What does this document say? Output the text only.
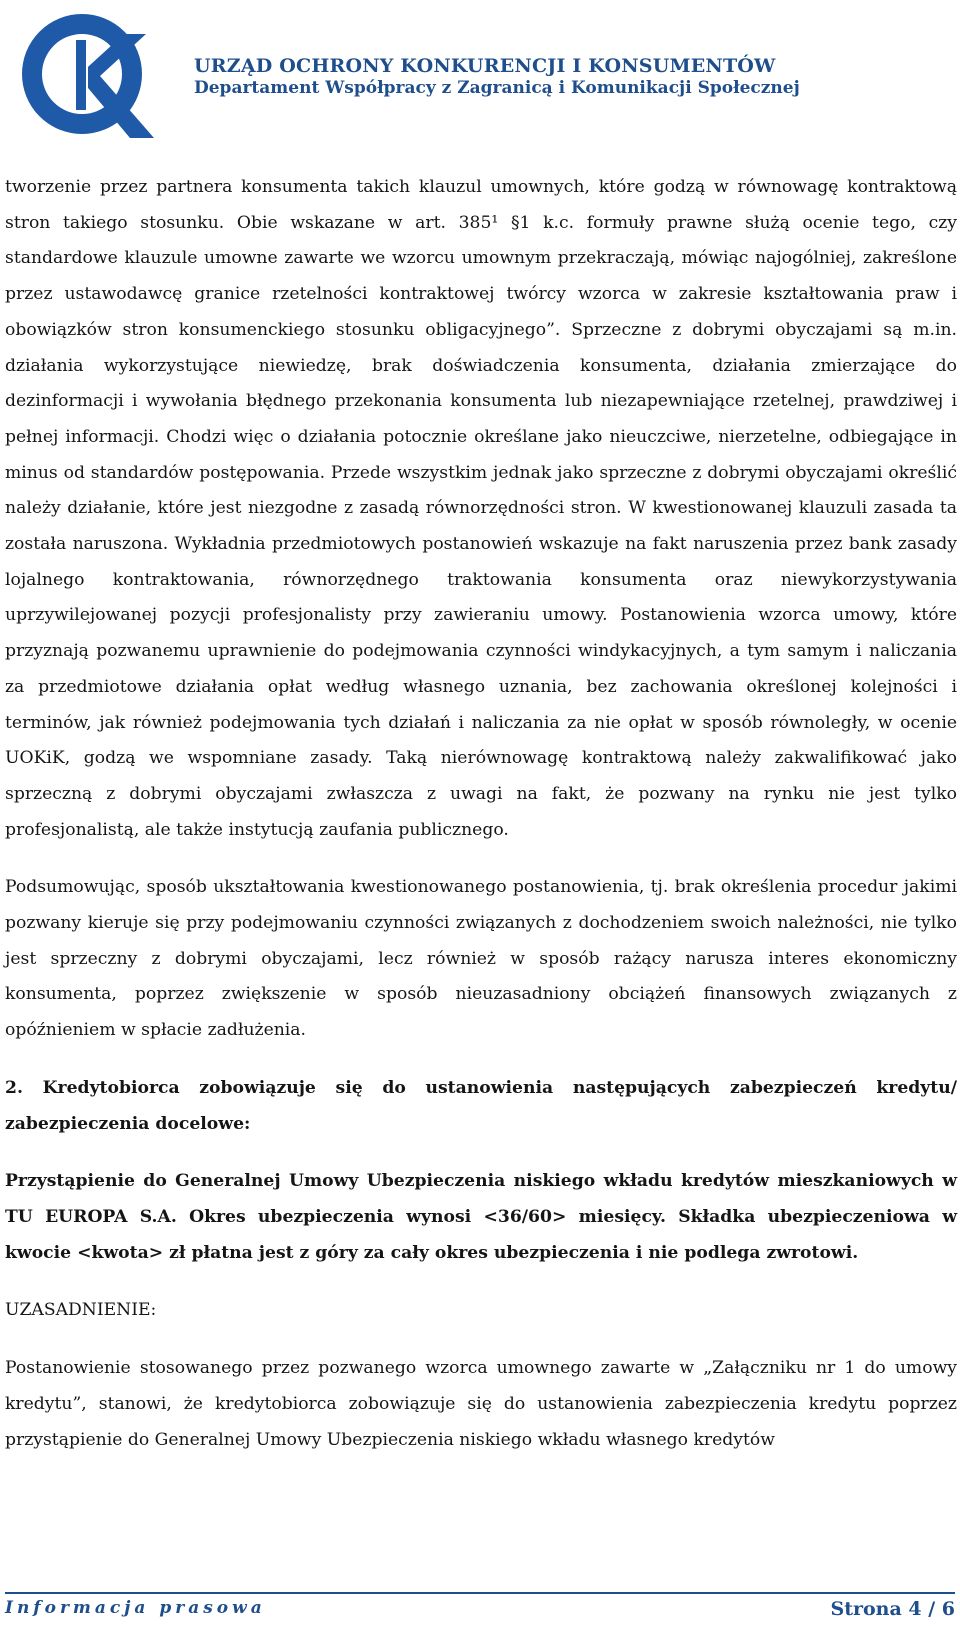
URZĄD OCHRONY KONKURENCJI I KONSUMENTÓW
Departament Współpracy z Zagranicą i Komunikacji Społecznej

tworzenie przez partnera konsumenta takich klauzul umownych, które godzą w równowagę kontraktową stron takiego stosunku. Obie wskazane w art. 385¹ §1 k.c. formuły prawne służą ocenie tego, czy standardowe klauzule umowne zawarte we wzorcu umownym przekraczają, mówiąc najogólniej, zakreślone przez ustawodawcę granice rzetelności kontraktowej twórcy wzorca w zakresie kształtowania praw i obowiązków stron konsumenckiego stosunku obligacyjnego”. Sprzeczne z dobrymi obyczajami są m.in. działania wykorzystujące niewiedzę, brak doświadczenia konsumenta, działania zmierzające do dezinformacji i wywołania błędnego przekonania konsumenta lub niezapewniające rzetelnej, prawdziwej i pełnej informacji. Chodzi więc o działania potocznie określane jako nieuczciwe, nierzetelne, odbiegające in minus od standardów postępowania. Przede wszystkim jednak jako sprzeczne z dobrymi obyczajami określić należy działanie, które jest niezgodne z zasadą równorzędności stron. W kwestionowanej klauzuli zasada ta została naruszona. Wykładnia przedmiotowych postanowień wskazuje na fakt naruszenia przez bank zasady lojalnego kontraktowania, równorzędnego traktowania konsumenta oraz niewykorzystywania uprzywilejowanej pozycji profesjonalisty przy zawieraniu umowy. Postanowienia wzorca umowy, które przyznają pozwanemu uprawnienie do podejmowania czynności windykacyjnych, a tym samym i naliczania za przedmiotowe działania opłat według własnego uznania, bez zachowania określonej kolejności i terminów, jak również podejmowania tych działań i naliczania za nie opłat w sposób równoległy, w ocenie UOKiK, godzą we wspomniane zasady. Taką nierównowagę kontraktową należy zakwalifikować jako sprzeczną z dobrymi obyczajami zwłaszcza z uwagi na fakt, że pozwany na rynku nie jest tylko profesjonalistą, ale także instytucją zaufania publicznego.

Podsumowując, sposób ukształtowania kwestionowanego postanowienia, tj. brak określenia procedur jakimi pozwany kieruje się przy podejmowaniu czynności związanych z dochodzeniem swoich należności, nie tylko jest sprzeczny z dobrymi obyczajami, lecz również w sposób rażący narusza interes ekonomiczny konsumenta, poprzez zwiększenie w sposób nieuzasadniony obciążeń finansowych związanych z opóźnieniem w spłacie zadłużenia.

2. Kredytobiorca zobowiązuje się do ustanowienia następujących zabezpieczeń kredytu/ zabezpieczenia docelowe:

Przystąpienie do Generalnej Umowy Ubezpieczenia niskiego wkładu kredytów mieszkaniowych w TU EUROPA S.A. Okres ubezpieczenia wynosi <36/60> miesięcy. Składka ubezpieczeniowa w kwocie <kwota> zł płatna jest z góry za cały okres ubezpieczenia i nie podlega zwrotowi.

UZASADNIENIE:

Postanowienie stosowanego przez pozwanego wzorca umownego zawarte w „Załączniku nr 1 do umowy kredytu”, stanowi, że kredytobiorca zobowiązuje się do ustanowienia zabezpieczenia kredytu poprzez przystąpienie do Generalnej Umowy Ubezpieczenia niskiego wkładu własnego kredytów

Informacja prasowa	Strona 4 / 6
